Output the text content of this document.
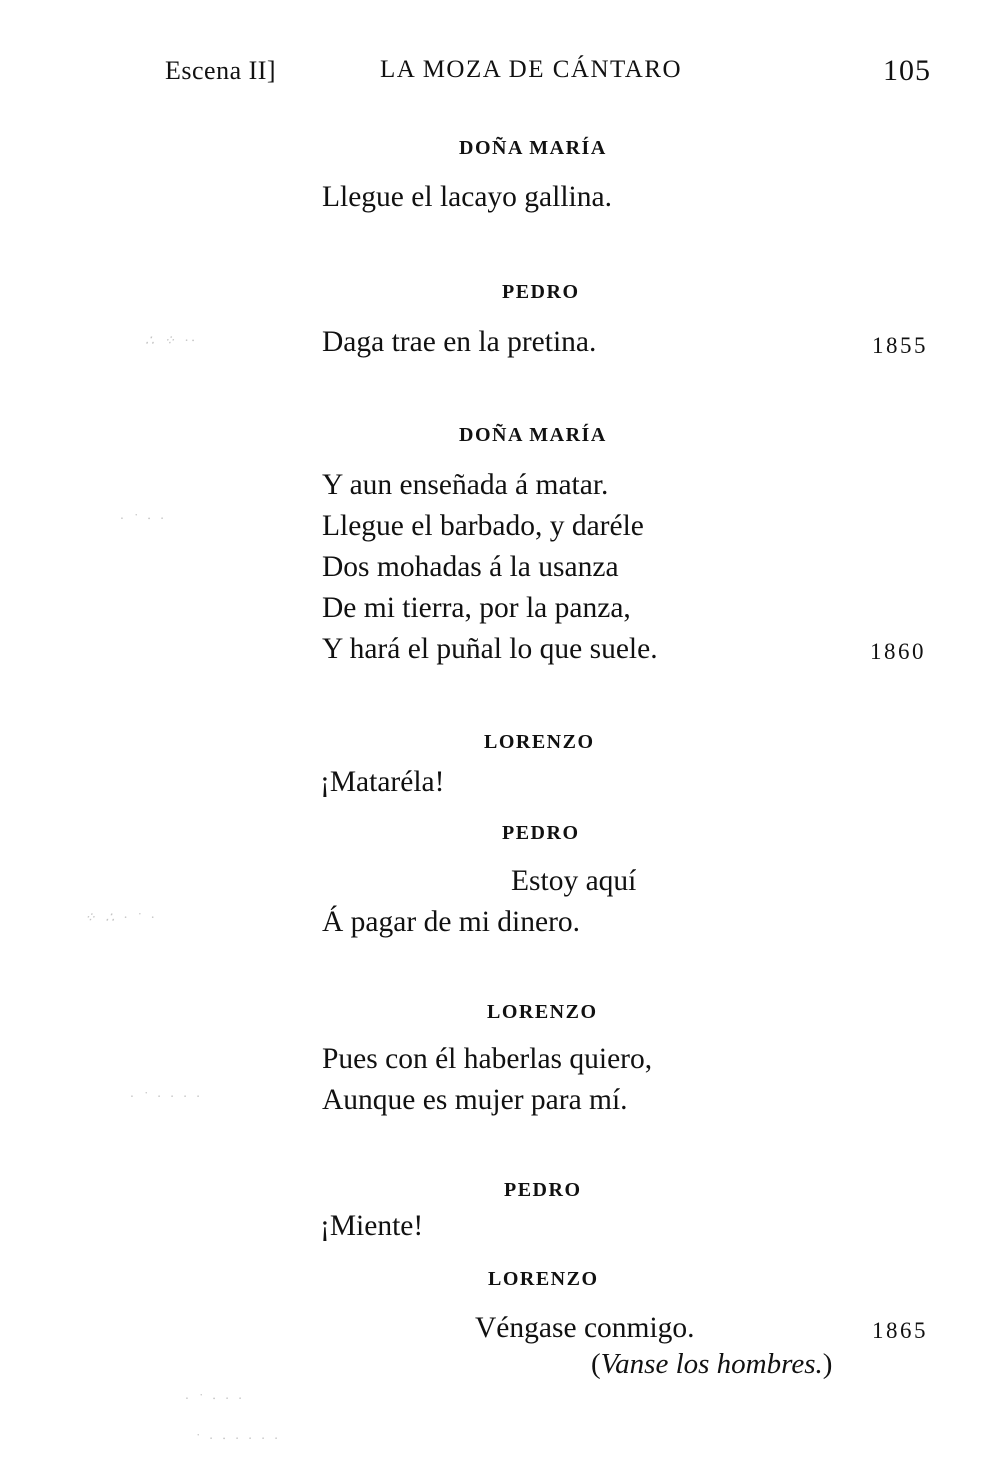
Escena II]	LA MOZA DE CÁNTARO	105
DOÑA MARÍA
Llegue el lacayo gallina.
PEDRO
Daga trae en la pretina.	1855
DOÑA MARÍA
Y aun enseñada á matar.
Llegue el barbado, y daréle
Dos mohadas á la usanza
De mi tierra, por la panza,
Y hará el puñal lo que suele.	1860
LORENZO
¡Mataréla!
PEDRO
Estoy aquí
Á pagar de mi dinero.
LORENZO
Pues con él haberlas quiero,
Aunque es mujer para mí.
PEDRO
¡Miente!
LORENZO
Véngase conmigo.	1865
(Vanse los hombres.)
∴ ⁘ ·∙
· ˙ ∙ ·
⁘ ∴ · ˙ ·
· ˙ · · · ·
· ˙ ∙ · ·
˙ · ∙ · · · ·
